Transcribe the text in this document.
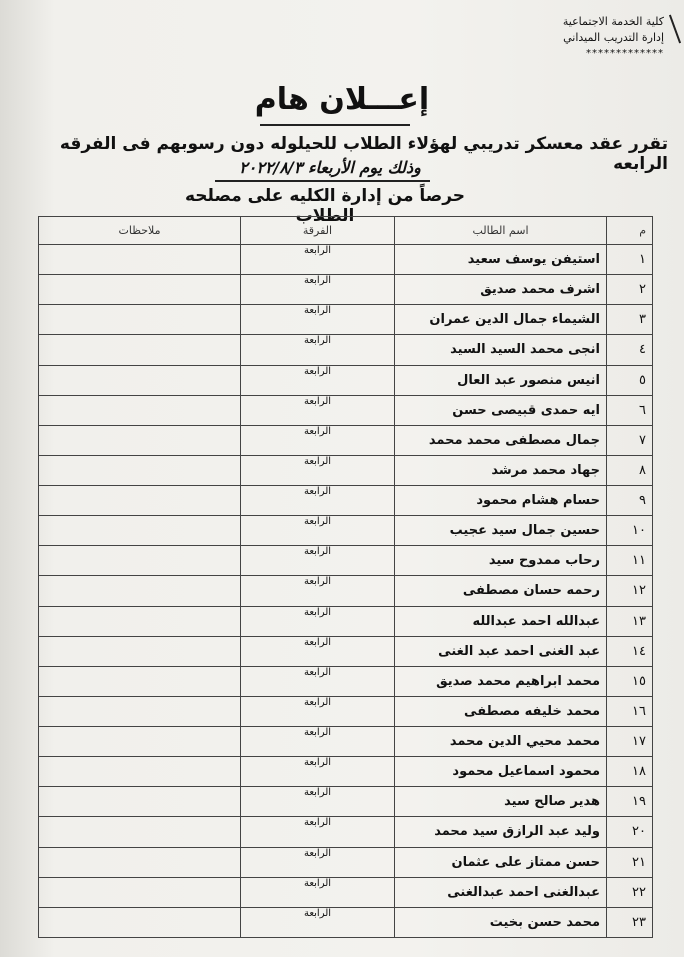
كلية الخدمة الاجتماعية
إدارة التدريب الميداني
*************
إعـــلان هام
تقرر عقد معسكر تدريبي لهؤلاء الطلاب للحيلوله دون رسوبهم فى الفرقه الرابعه
وذلك يوم الأربعاء ٢٠٢٢/٨/٣
حرصاً من إدارة الكليه على مصلحه الطلاب
م	اسم الطالب	الفرقة	ملاحظات
١	استيفن يوسف سعيد	الرابعة	
٢	اشرف محمد صديق	الرابعة	
٣	الشيماء جمال الدين عمران	الرابعة	
٤	انجى محمد السيد السيد	الرابعة	
٥	انيس منصور عبد العال	الرابعة	
٦	ايه حمدى قبيصى حسن	الرابعة	
٧	جمال مصطفى محمد محمد	الرابعة	
٨	جهاد محمد مرشد	الرابعة	
٩	حسام هشام محمود	الرابعة	
١٠	حسين جمال سيد عجيب	الرابعة	
١١	رحاب ممدوح سيد	الرابعة	
١٢	رحمه حسان مصطفى	الرابعة	
١٣	عبدالله احمد عبدالله	الرابعة	
١٤	عبد الغنى احمد عبد الغنى	الرابعة	
١٥	محمد ابراهيم محمد صديق	الرابعة	
١٦	محمد خليفه مصطفى	الرابعة	
١٧	محمد محيي الدين محمد	الرابعة	
١٨	محمود اسماعيل محمود	الرابعة	
١٩	هدير صالح سيد	الرابعة	
٢٠	وليد عبد الرازق سيد محمد	الرابعة	
٢١	حسن ممتاز على عثمان	الرابعة	
٢٢	عبدالغنى احمد عبدالغنى	الرابعة	
٢٣	محمد حسن بخيت	الرابعة	
